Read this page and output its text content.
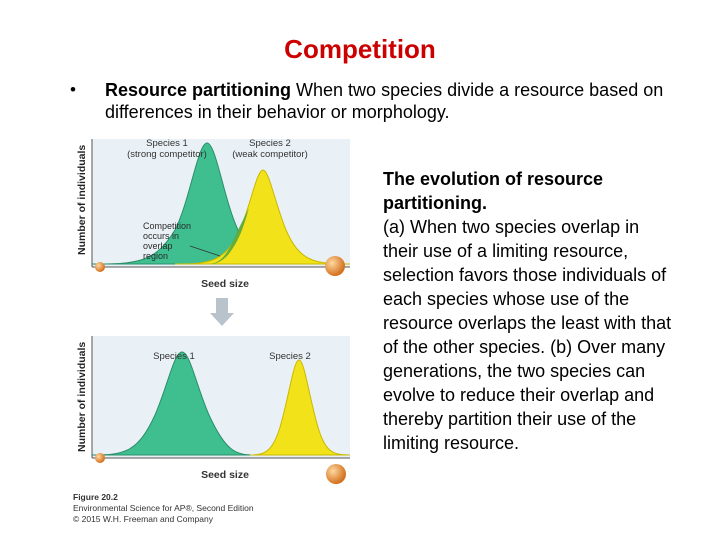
Competition
• Resource partitioning When two species divide a resource based on differences in their behavior or morphology.
Number of individuals
Species 1
(strong competitor)
Species 2
(weak competitor)
Competition
occurs in
overlap
region
Seed size
Number of individuals	Species 1	Species 2
Seed size
Figure 20.2
Environmental Science for AP®, Second Edition
© 2015 W.H. Freeman and Company
The evolution of resource partitioning.
(a) When two species overlap in their use of a limiting resource, selection favors those individuals of each species whose use of the resource overlaps the least with that of the other species. (b) Over many generations, the two species can evolve to reduce their overlap and thereby partition their use of the limiting resource.
